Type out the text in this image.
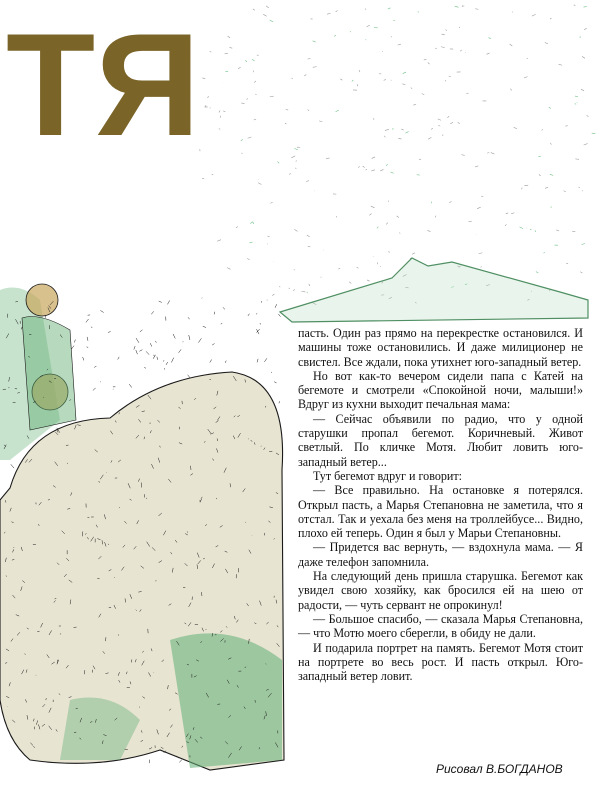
ТЯ

пасть. Один раз прямо на перекрестке остановился. И машины тоже остановились. И даже милиционер не свистел. Все ждали, пока утихнет юго-западный ветер.

Но вот как-то вечером сидели папа с Катей на бегемоте и смотрели «Спокойной ночи, малыши!» Вдруг из кухни выходит печальная мама:

— Сейчас объявили по радио, что у одной старушки пропал бегемот. Коричневый. Живот светлый. По кличке Мотя. Любит ловить юго-западный ветер...

Тут бегемот вдруг и говорит:

— Все правильно. На остановке я потерялся. Открыл пасть, а Марья Степановна не заметила, что я отстал. Так и уехала без меня на троллейбусе... Видно, плохо ей теперь. Один я был у Марьи Степановны.

— Придется вас вернуть, — вздохнула мама. — Я даже телефон запомнила.

На следующий день пришла старушка. Бегемот как увидел свою хозяйку, как бросился ей на шею от радости, — чуть сервант не опрокинул!

— Большое спасибо, — сказала Марья Степановна, — что Мотю моего сберегли, в обиду не дали.

И подарила портрет на память. Бегемот Мотя стоит на портрете во весь рост. И пасть открыл. Юго-западный ветер ловит.

Рисовал В.БОГДАНОВ
